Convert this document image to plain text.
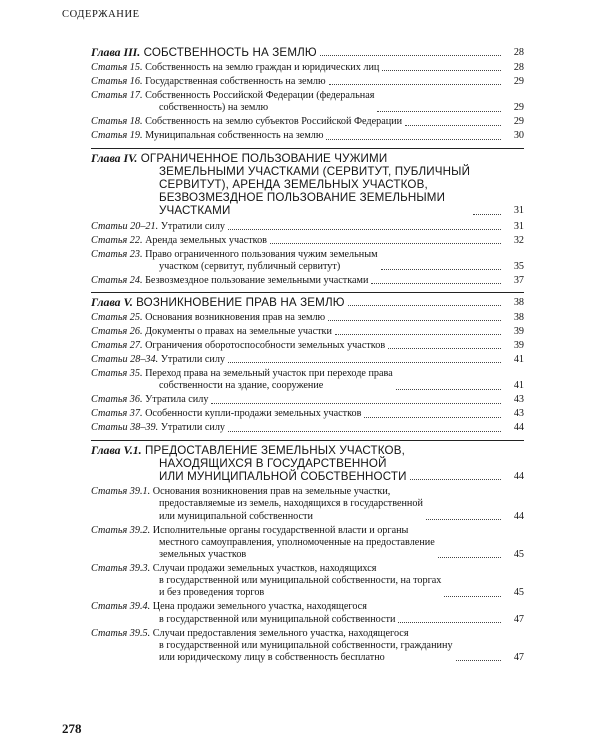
СОДЕРЖАНИЕ
Глава III. СОБСТВЕННОСТЬ НА ЗЕМЛЮ	28
Статья 15. Собственность на землю граждан и юридических лиц	28
Статья 16. Государственная собственность на землю	29
Статья 17. Собственность Российской Федерации (федеральная
собственность) на землю	29
Статья 18. Собственность на землю субъектов Российской Федерации	29
Статья 19. Муниципальная собственность на землю	30
Глава IV. ОГРАНИЧЕННОЕ ПОЛЬЗОВАНИЕ ЧУЖИМИ
ЗЕМЕЛЬНЫМИ УЧАСТКАМИ (СЕРВИТУТ, ПУБЛИЧНЫЙ
СЕРВИТУТ), АРЕНДА ЗЕМЕЛЬНЫХ УЧАСТКОВ,
БЕЗВОЗМЕЗДНОЕ ПОЛЬЗОВАНИЕ ЗЕМЕЛЬНЫМИ
УЧАСТКАМИ	31
Статьи 20–21. Утратили силу	31
Статья 22. Аренда земельных участков	32
Статья 23. Право ограниченного пользования чужим земельным
участком (сервитут, публичный сервитут)	35
Статья 24. Безвозмездное пользование земельными участками	37
Глава V. ВОЗНИКНОВЕНИЕ ПРАВ НА ЗЕМЛЮ	38
Статья 25. Основания возникновения прав на землю	38
Статья 26. Документы о правах на земельные участки	39
Статья 27. Ограничения оборотоспособности земельных участков	39
Статьи 28–34. Утратили силу	41
Статья 35. Переход права на земельный участок при переходе права
собственности на здание, сооружение	41
Статья 36. Утратила силу	43
Статья 37. Особенности купли-продажи земельных участков	43
Статьи 38–39. Утратили силу	44
Глава V.1. ПРЕДОСТАВЛЕНИЕ ЗЕМЕЛЬНЫХ УЧАСТКОВ,
НАХОДЯЩИХСЯ В ГОСУДАРСТВЕННОЙ
ИЛИ МУНИЦИПАЛЬНОЙ СОБСТВЕННОСТИ	44
Статья 39.1. Основания возникновения прав на земельные участки,
предоставляемые из земель, находящихся в государственной
или муниципальной собственности	44
Статья 39.2. Исполнительные органы государственной власти и органы
местного самоуправления, уполномоченные на предоставление
земельных участков	45
Статья 39.3. Случаи продажи земельных участков, находящихся
в государственной или муниципальной собственности, на торгах
и без проведения торгов	45
Статья 39.4. Цена продажи земельного участка, находящегося
в государственной или муниципальной собственности	47
Статья 39.5. Случаи предоставления земельного участка, находящегося
в государственной или муниципальной собственности, гражданину
или юридическому лицу в собственность бесплатно	47
278
